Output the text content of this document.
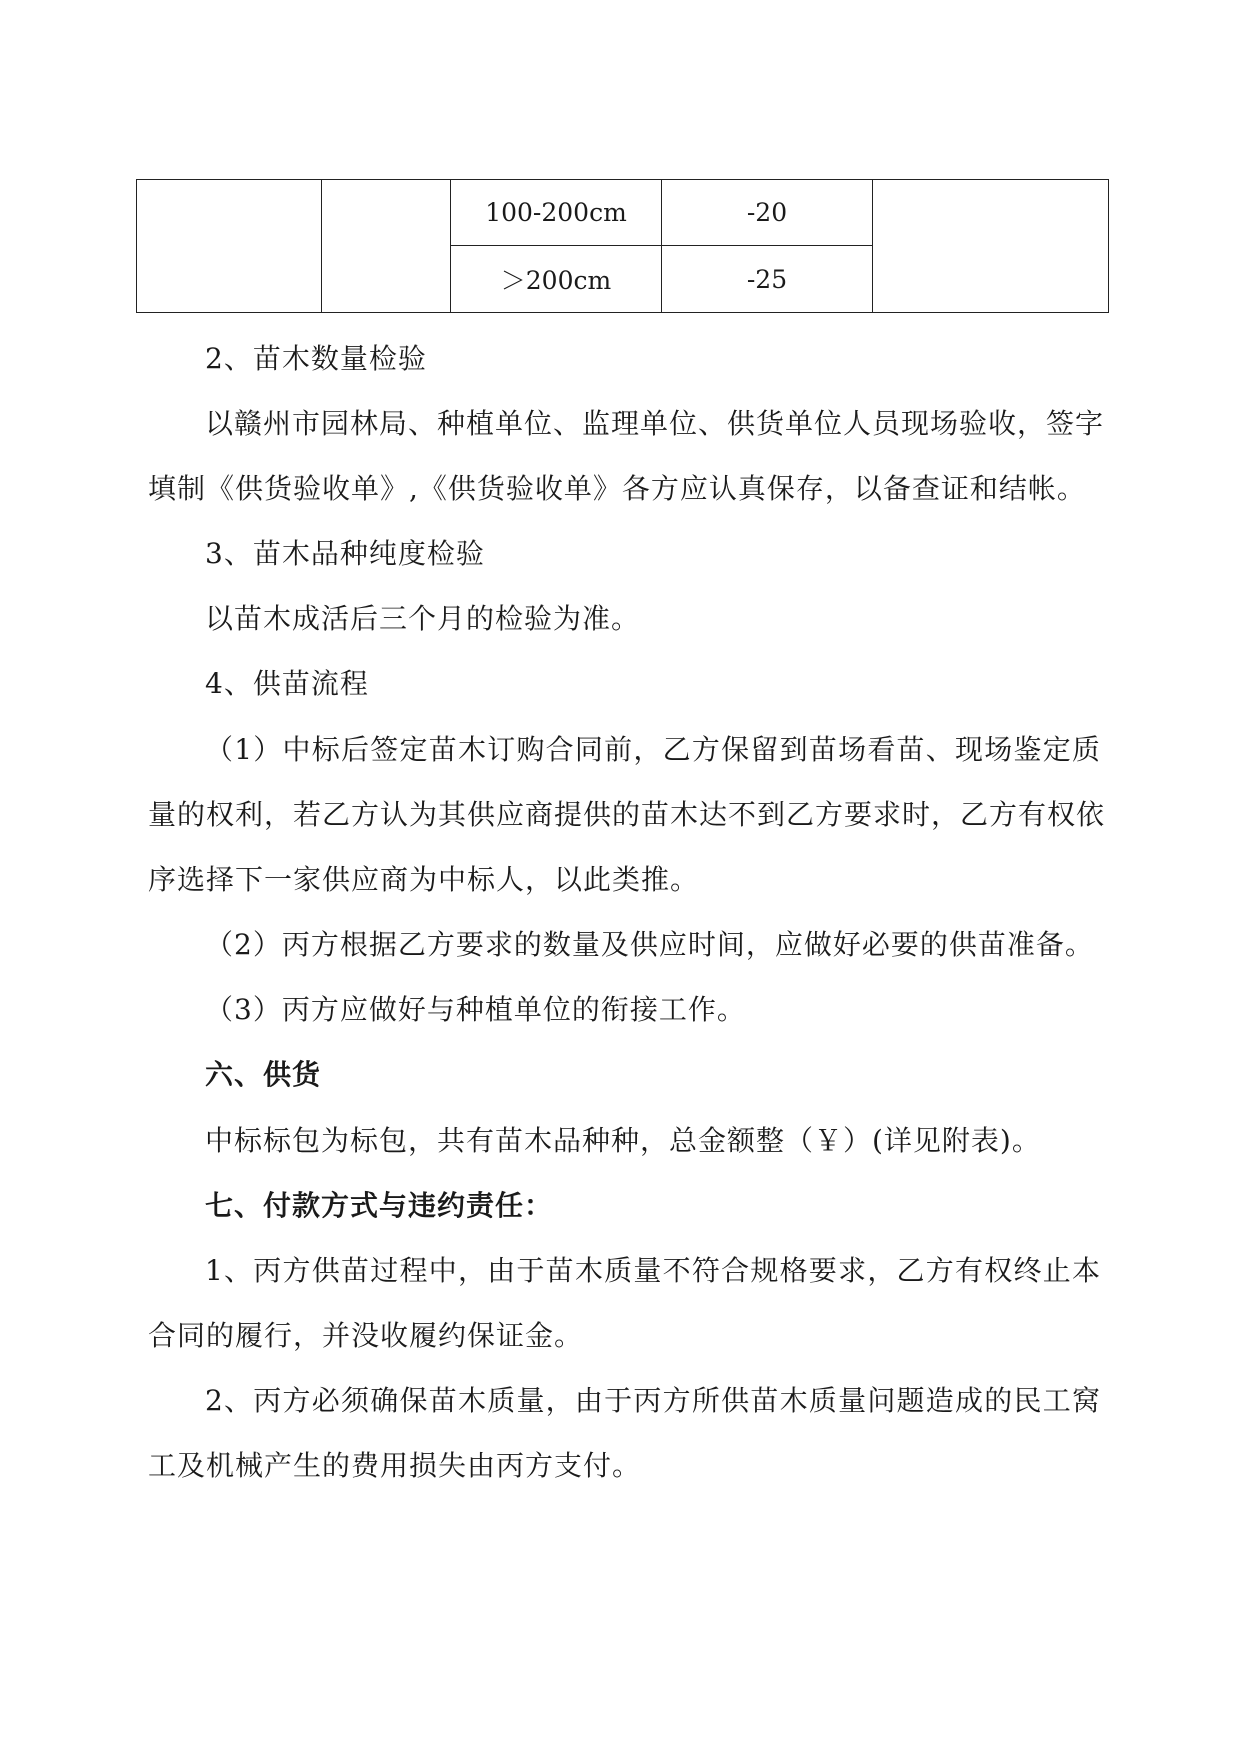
		100-200cm	-20	
		＞200cm	-25	
2、苗木数量检验
以赣州市园林局、种植单位、监理单位、供货单位人员现场验收，签字
填制《供货验收单》,《供货验收单》各方应认真保存，以备查证和结帐。
3、苗木品种纯度检验
以苗木成活后三个月的检验为准。
4、供苗流程
（1）中标后签定苗木订购合同前，乙方保留到苗场看苗、现场鉴定质
量的权利，若乙方认为其供应商提供的苗木达不到乙方要求时，乙方有权依
序选择下一家供应商为中标人，以此类推。
（2）丙方根据乙方要求的数量及供应时间，应做好必要的供苗准备。
（3）丙方应做好与种植单位的衔接工作。
六、供货
中标标包为标包，共有苗木品种种，总金额整（￥）(详见附表)。
七、付款方式与违约责任：
1、丙方供苗过程中，由于苗木质量不符合规格要求，乙方有权终止本
合同的履行，并没收履约保证金。
2、丙方必须确保苗木质量，由于丙方所供苗木质量问题造成的民工窝
工及机械产生的费用损失由丙方支付。
